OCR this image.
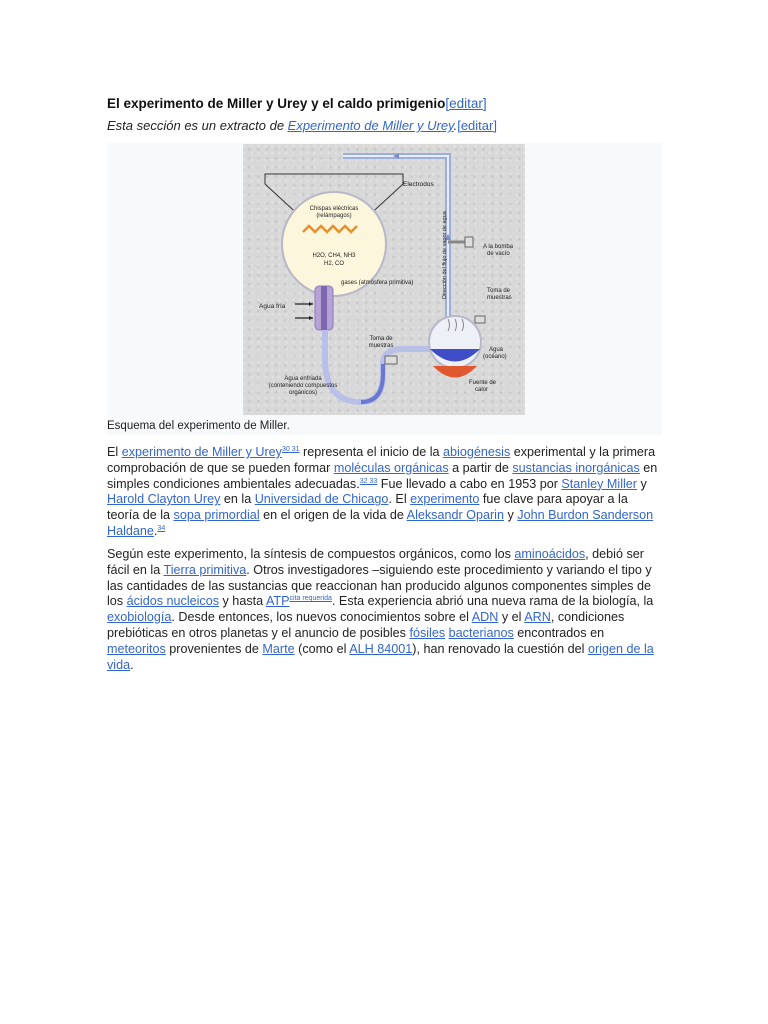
El experimento de Miller y Urey y el caldo primigenio[editar]
Esta sección es un extracto de Experimento de Miller y Urey.[editar]
Chispas eléctricas
(relámpagos)
H2O, CH4, NH3
H2, CO
Electrodos
gases (atmósfera primitiva)
Agua fría
Toma de
muestras
Agua enfriada
(conteniendo compuestos
orgánicos)
A la bomba
de vacío
Toma de
muestras
Agua
(océano)
Fuente de
calor
Dirección del flujo de vapor de agua
Esquema del experimento de Miller.
El experimento de Miller y Urey$^{30 31}$ representa el inicio de la abiogénesis experimental y la primera comprobación de que se pueden formar moléculas orgánicas a partir de sustancias inorgánicas en simples condiciones ambientales adecuadas.$^{32 33}$ Fue llevado a cabo en 1953 por Stanley Miller y Harold Clayton Urey en la Universidad de Chicago. El experimento fue clave para apoyar a la teoría de la sopa primordial en el origen de la vida de Aleksandr Oparin y John Burdon Sanderson Haldane.$^{34}$
Según este experimento, la síntesis de compuestos orgánicos, como los aminoácidos, debió ser fácil en la Tierra primitiva. Otros investigadores –siguiendo este procedimiento y variando el tipo y las cantidades de las sustancias que reaccionan han producido algunos componentes simples de los ácidos nucleicos y hasta $ATP^{cita requerida}$. Esta experiencia abrió una nueva rama de la biología, la exobiología. Desde entonces, los nuevos conocimientos sobre el ADN y el ARN, condiciones prebióticas en otros planetas y el anuncio de posibles fósiles bacterianos encontrados en meteoritos provenientes de Marte (como el ALH 84001), han renovado la cuestión del origen de la vida.
